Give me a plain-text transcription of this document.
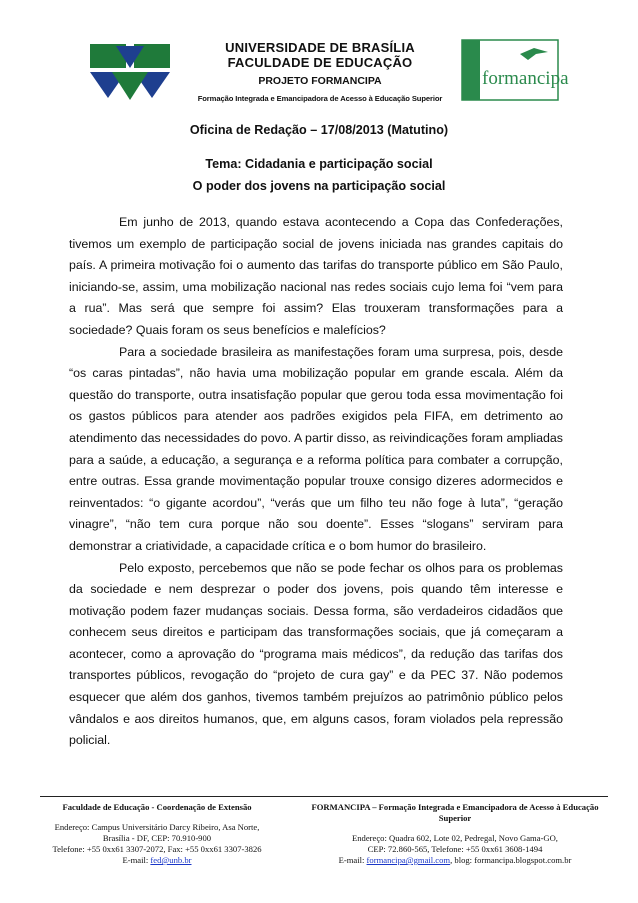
UNIVERSIDADE DE BRASÍLIA
FACULDADE DE EDUCAÇÃO
PROJETO FORMANCIPA
Formação Integrada e Emancipadora de Acesso à Educação Superior
formancipa
Oficina de Redação – 17/08/2013 (Matutino)
Tema: Cidadania e participação social
O poder dos jovens na participação social

Em junho de 2013, quando estava acontecendo a Copa das Confederações, tivemos um exemplo de participação social de jovens iniciada nas grandes capitais do país. A primeira motivação foi o aumento das tarifas do transporte público em São Paulo, iniciando-se, assim, uma mobilização nacional nas redes sociais cujo lema foi “vem para a rua”. Mas será que sempre foi assim? Elas trouxeram transformações para a sociedade? Quais foram os seus benefícios e malefícios?

Para a sociedade brasileira as manifestações foram uma surpresa, pois, desde “os caras pintadas”, não havia uma mobilização popular em grande escala. Além da questão do transporte, outra insatisfação popular que gerou toda essa movimentação foi os gastos públicos para atender aos padrões exigidos pela FIFA, em detrimento ao atendimento das necessidades do povo. A partir disso, as reivindicações foram ampliadas para a saúde, a educação, a segurança e a reforma política para combater a corrupção, entre outras. Essa grande movimentação popular trouxe consigo dizeres adormecidos e reinventados: “o gigante acordou”, “verás que um filho teu não foge à luta”, “geração vinagre”, “não tem cura porque não sou doente”. Esses “slogans” serviram para demonstrar a criatividade, a capacidade crítica e o bom humor do brasileiro.

Pelo exposto, percebemos que não se pode fechar os olhos para os problemas da sociedade e nem desprezar o poder dos jovens, pois quando têm interesse e motivação podem fazer mudanças sociais. Dessa forma, são verdadeiros cidadãos que conhecem seus direitos e participam das transformações sociais, que já começaram a acontecer, como a aprovação do “programa mais médicos”, da redução das tarifas dos transportes públicos, revogação do “projeto de cura gay” e da PEC 37. Não podemos esquecer que além dos ganhos, tivemos também prejuízos ao patrimônio público pelos vândalos e aos direitos humanos, que, em alguns casos, foram violados pela repressão policial.

Faculdade de Educação - Coordenação de Extensão
Endereço: Campus Universitário Darcy Ribeiro, Asa Norte,
Brasília - DF, CEP: 70.910-900
Telefone: +55 0xx61 3307-2072, Fax: +55 0xx61 3307-3826
E-mail: fed@unb.br
FORMANCIPA – Formação Integrada e Emancipadora de Acesso à Educação Superior
Endereço: Quadra 602, Lote 02, Pedregal, Novo Gama-GO,
CEP: 72.860-565, Telefone: +55 0xx61 3608-1494
E-mail: formancipa@gmail.com, blog: formancipa.blogspot.com.br
